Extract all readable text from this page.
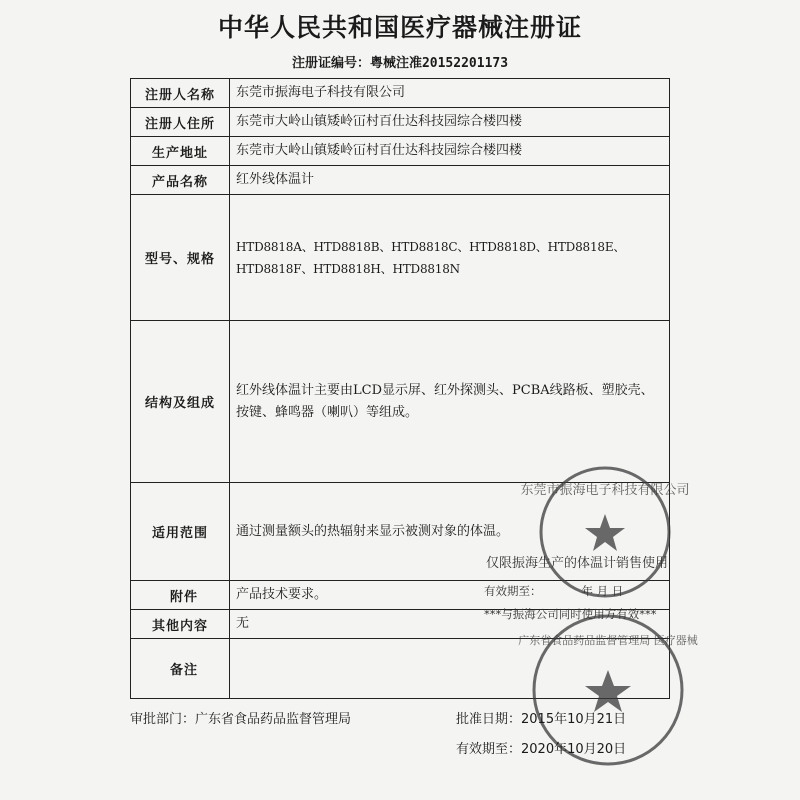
中华人民共和国医疗器械注册证
注册证编号：粤械注准20152201173
注册人名称	东莞市振海电子科技有限公司
注册人住所	东莞市大岭山镇矮岭冚村百仕达科技园综合楼四楼
生产地址	东莞市大岭山镇矮岭冚村百仕达科技园综合楼四楼
产品名称	红外线体温计
型号、规格	HTD8818A、HTD8818B、HTD8818C、HTD8818D、HTD8818E、HTD8818F、HTD8818H、HTD8818N
结构及组成	红外线体温计主要由LCD显示屏、红外探测头、PCBA线路板、塑胶壳、按键、蜂鸣器（喇叭）等组成。
适用范围	通过测量额头的热辐射来显示被测对象的体温。
附件	产品技术要求。
其他内容	无
备注	
东莞市振海电子科技有限公司
广东省食品药品监督管理局 医疗器械
仅限振海生产的体温计销售使用
有效期至：	年 月 日
***与振海公司同时使用方有效***
审批部门：广东省食品药品监督管理局	批准日期：2015年10月21日
有效期至：2020年10月20日
